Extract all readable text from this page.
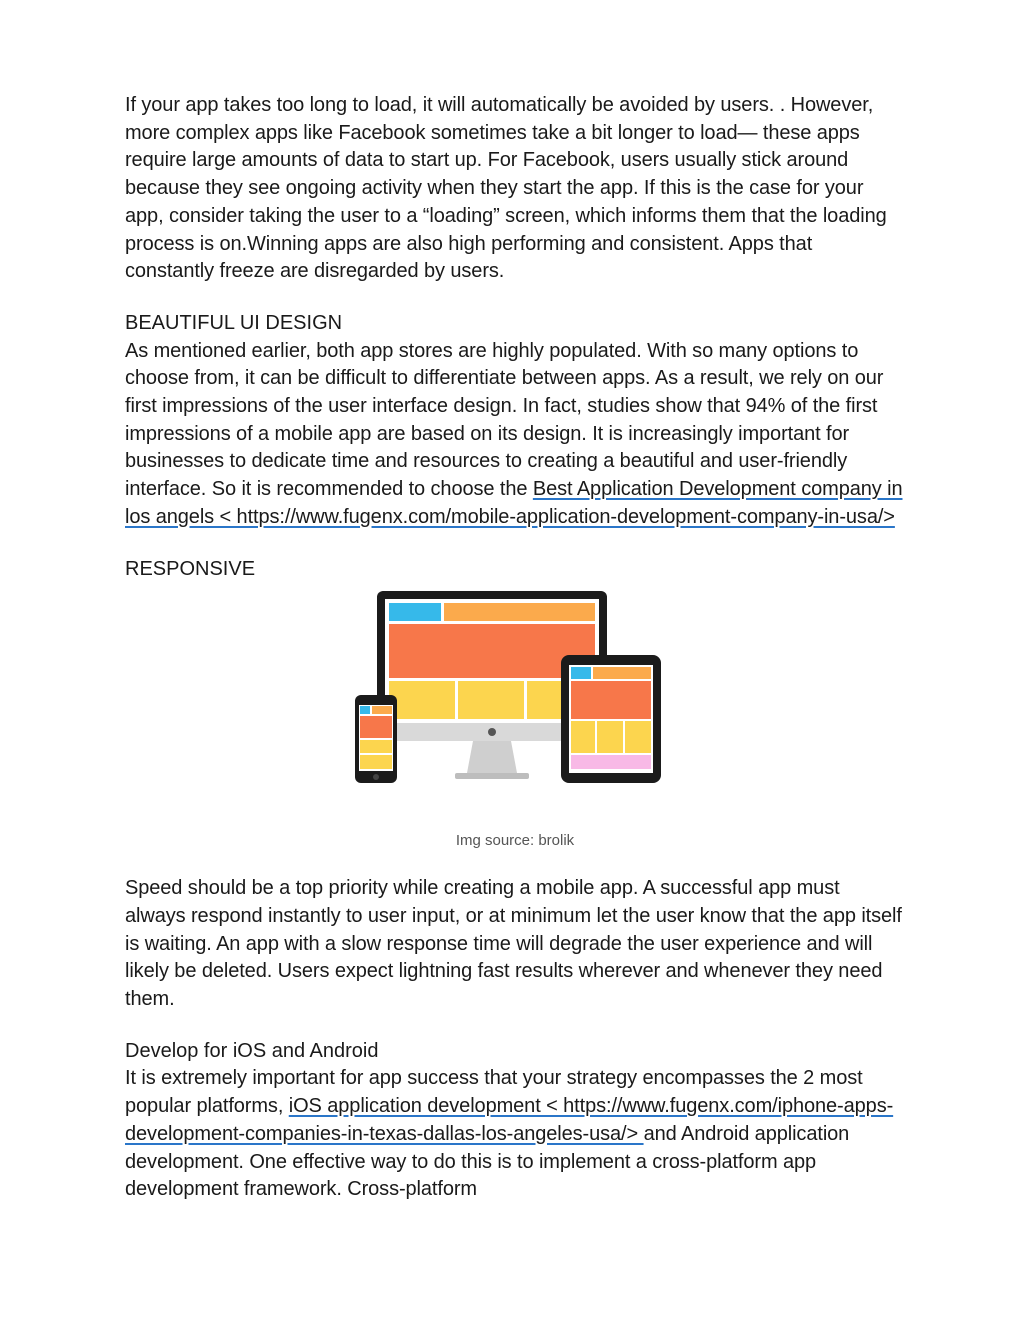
If your app takes too long to load, it will automatically be avoided by users. . However, more complex apps like Facebook sometimes take a bit longer to load— these apps require large amounts of data to start up. For Facebook, users usually stick around because they see ongoing activity when they start the app. If this is the case for your app, consider taking the user to a “loading” screen, which informs them that the loading process is on.Winning apps are also high performing and consistent. Apps that constantly freeze are disregarded by users.

BEAUTIFUL UI DESIGN

As mentioned earlier, both app stores are highly populated. With so many options to choose from, it can be difficult to differentiate between apps. As a result, we rely on our first impressions of the user interface design. In fact, studies show that 94% of the first impressions of a mobile app are based on its design. It is increasingly important for businesses to dedicate time and resources to creating a beautiful and user-friendly interface. So it is recommended to choose the Best Application Development company in los angels < https://www.fugenx.com/mobile-application-development-company-in-usa/>

RESPONSIVE

Img source: brolik

Speed should be a top priority while creating a mobile app. A successful app must always respond instantly to user input, or at minimum let the user know that the app itself is waiting. An app with a slow response time will degrade the user experience and will likely be deleted. Users expect lightning fast results wherever and whenever they need them.

Develop for iOS and Android

It is extremely important for app success that your strategy encompasses the 2 most popular platforms, iOS application development < https://www.fugenx.com/iphone-apps-development-companies-in-texas-dallas-los-angeles-usa/> and Android application development. One effective way to do this is to implement a cross-platform app development framework. Cross-platform
